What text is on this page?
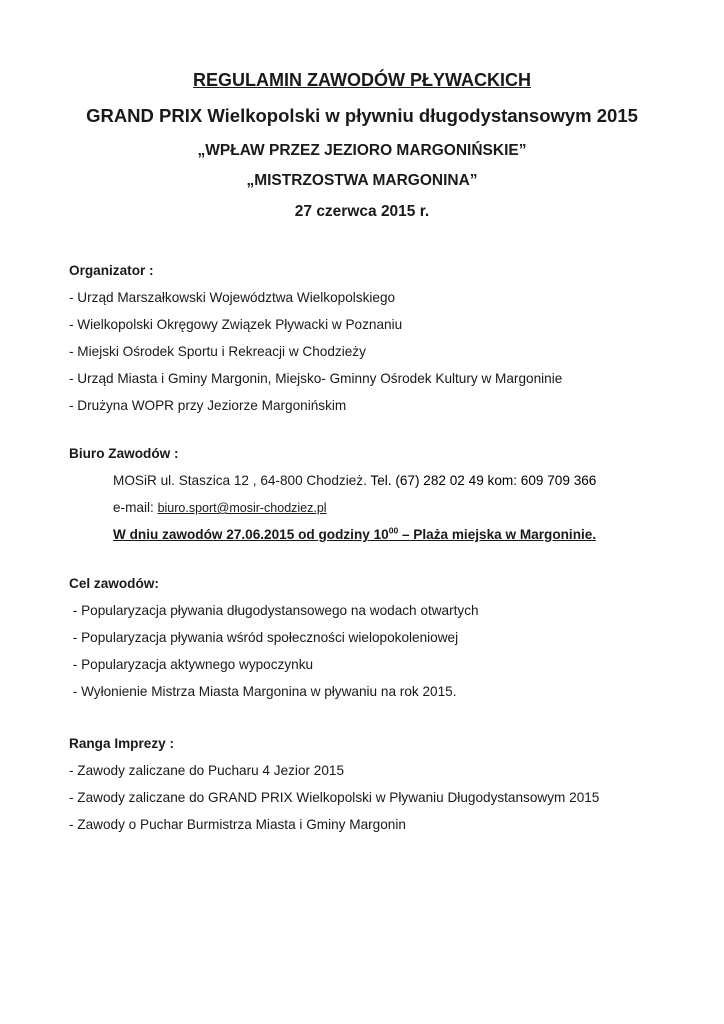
REGULAMIN ZAWODÓW PŁYWACKICH
GRAND PRIX Wielkopolski w pływniu długodystansowym 2015
„WPŁAW PRZEZ JEZIORO MARGONIŃSKIE”
„MISTRZOSTWA MARGONINA”
27 czerwca 2015 r.
Organizator :
- Urząd Marszałkowski Województwa Wielkopolskiego
- Wielkopolski Okręgowy Związek Pływacki w Poznaniu
- Miejski Ośrodek Sportu i Rekreacji w Chodzieży
- Urząd Miasta i Gminy Margonin, Miejsko- Gminny Ośrodek Kultury w Margoninie
- Drużyna WOPR przy Jeziorze Margonińskim
Biuro Zawodów :
MOSiR ul. Staszica 12 , 64-800 Chodzież. Tel. (67) 282 02 49 kom: 609 709 366
e-mail: biuro.sport@mosir-chodziez.pl
W dniu zawodów 27.06.2015 od godziny $10^{00}$ – Plaża miejska w Margoninie.
Cel zawodów:
- Popularyzacja pływania długodystansowego na wodach otwartych
- Popularyzacja pływania wśród społeczności wielopokoleniowej
- Popularyzacja aktywnego wypoczynku
- Wyłonienie Mistrza Miasta Margonina w pływaniu na rok 2015.
Ranga Imprezy :
- Zawody zaliczane do Pucharu 4 Jezior 2015
- Zawody zaliczane do GRAND PRIX Wielkopolski w Pływaniu Długodystansowym 2015
- Zawody o Puchar Burmistrza Miasta i Gminy Margonin
